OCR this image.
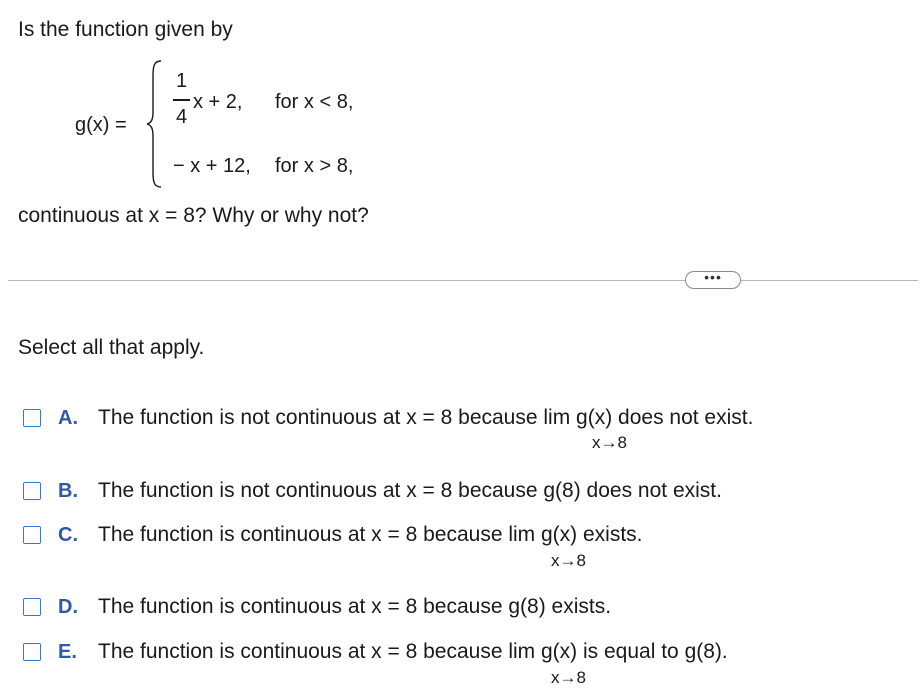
Is the function given by
g(x) =
1
4
x + 2, for x < 8,
− x + 12, for x > 8,
continuous at x = 8? Why or why not?
•••
Select all that apply.
A. The function is not continuous at x = 8 because lim g(x) does not exist.
x→8
B. The function is not continuous at x = 8 because g(8) does not exist.
C. The function is continuous at x = 8 because lim g(x) exists.
x→8
D. The function is continuous at x = 8 because g(8) exists.
E. The function is continuous at x = 8 because lim g(x) is equal to g(8).
x→8
